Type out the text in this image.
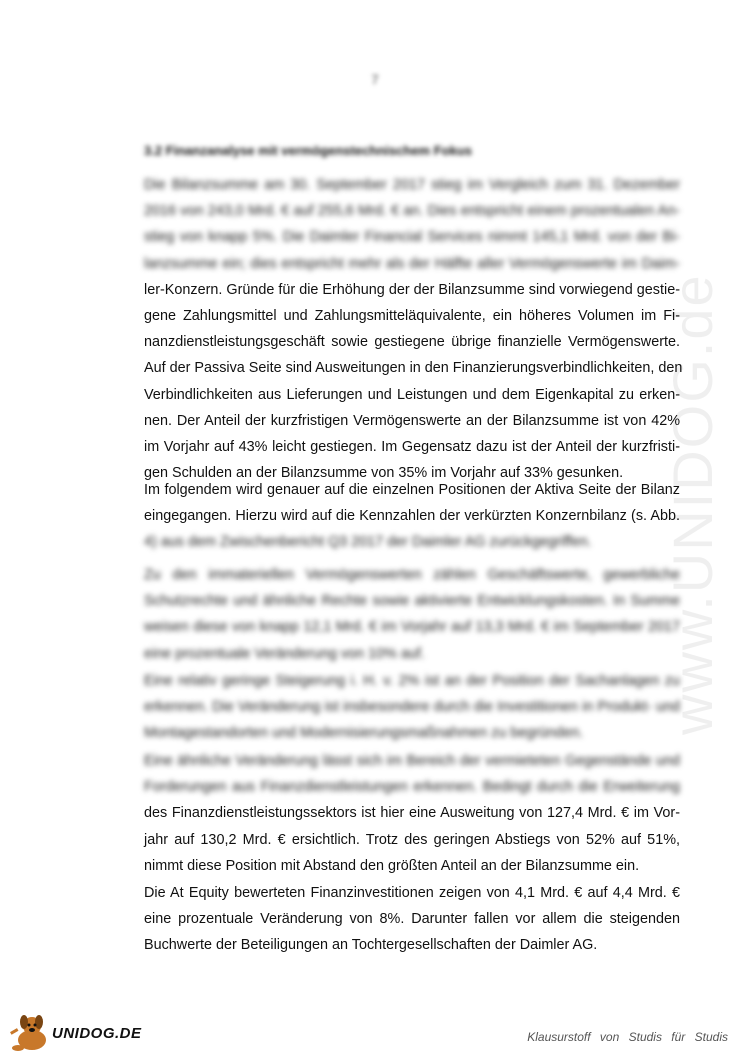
7
3.2 Finanzanalyse mit vermögenstechnischem Fokus
Die Bilanzsumme am 30. September 2017 stieg im Vergleich zum 31. Dezember
2016 von 243,0 Mrd. € auf 255,6 Mrd. € an. Dies entspricht einem prozentualen An-
stieg von knapp 5%. Die Daimler Financial Services nimmt 145,1 Mrd. von der Bi-
lanzsumme ein; dies entspricht mehr als der Hälfte aller Vermögenswerte im Daim-
ler-Konzern. Gründe für die Erhöhung der der Bilanzsumme sind vorwiegend gestie-
gene Zahlungsmittel und Zahlungsmitteläquivalente, ein höheres Volumen im Fi-
nanzdienstleistungsgeschäft sowie gestiegene übrige finanzielle Vermögenswerte.
Auf der Passiva Seite sind Ausweitungen in den Finanzierungsverbindlichkeiten, den
Verbindlichkeiten aus Lieferungen und Leistungen und dem Eigenkapital zu erken-
nen. Der Anteil der kurzfristigen Vermögenswerte an der Bilanzsumme ist von 42%
im Vorjahr auf 43% leicht gestiegen. Im Gegensatz dazu ist der Anteil der kurzfristi-
gen Schulden an der Bilanzsumme von 35% im Vorjahr auf 33% gesunken.
Im folgendem wird genauer auf die einzelnen Positionen der Aktiva Seite der Bilanz
eingegangen. Hierzu wird auf die Kennzahlen der verkürzten Konzernbilanz (s. Abb.
4) aus dem Zwischenbericht Q3 2017 der Daimler AG zurückgegriffen.
Zu den immateriellen Vermögenswerten zählen Geschäftswerte, gewerbliche
Schutzrechte und ähnliche Rechte sowie aktivierte Entwicklungskosten. In Summe
weisen diese von knapp 12,1 Mrd. € im Vorjahr auf 13,3 Mrd. € im September 2017
eine prozentuale Veränderung von 10% auf.
Eine relativ geringe Steigerung i. H. v. 2% ist an der Position der Sachanlagen zu
erkennen. Die Veränderung ist insbesondere durch die Investitionen in Produkt- und
Montagestandorten und Modernisierungsmaßnahmen zu begründen.
Eine ähnliche Veränderung lässt sich im Bereich der vermieteten Gegenstände und
Forderungen aus Finanzdienstleistungen erkennen. Bedingt durch die Erweiterung
des Finanzdienstleistungssektors ist hier eine Ausweitung von 127,4 Mrd. € im Vor-
jahr auf 130,2 Mrd. € ersichtlich. Trotz des geringen Abstiegs von 52% auf 51%,
nimmt diese Position mit Abstand den größten Anteil an der Bilanzsumme ein.
Die At Equity bewerteten Finanzinvestitionen zeigen von 4,1 Mrd. € auf 4,4 Mrd. €
eine prozentuale Veränderung von 8%. Darunter fallen vor allem die steigenden
Buchwerte der Beteiligungen an Tochtergesellschaften der Daimler AG.
www.UNIDOG.de
UNIDOG.DE	Klausurstoff von Studis für Studis
